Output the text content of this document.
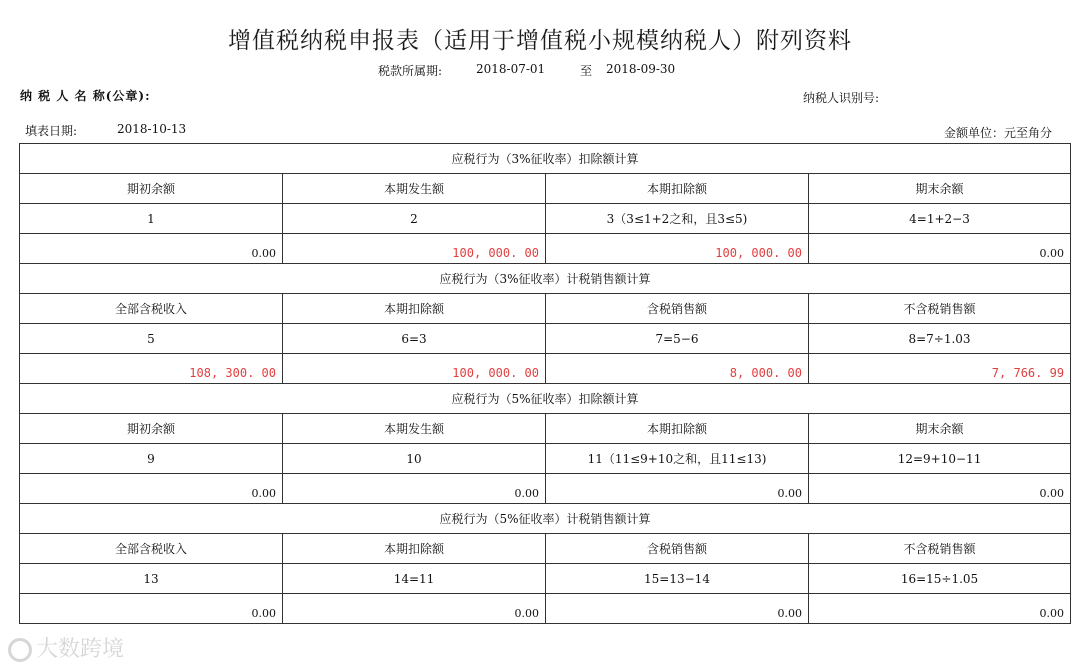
增值税纳税申报表（适用于增值税小规模纳税人）附列资料
税款所属期:	2018-07-01	至 2018-09-30
纳 税 人 名 称(公章):	纳税人识别号:
填表日期:	2018-10-13	金额单位：元至角分
应税行为（3%征收率）扣除额计算			
期初余额	本期发生额	本期扣除额	期末余额
1	2	3（3≤1+2之和，且3≤5)	4=1+2−3
0.00	100, 000. 00	100, 000. 00	0.00
应税行为（3%征收率）计税销售额计算			
全部含税收入	本期扣除额	含税销售额	不含税销售额
5	6=3	7=5−6	8=7÷1.03
108, 300. 00	100, 000. 00	8, 000. 00	7, 766. 99
应税行为（5%征收率）扣除额计算			
期初余额	本期发生额	本期扣除额	期末余额
9	10	11（11≤9+10之和，且11≤13)	12=9+10−11
0.00	0.00	0.00	0.00
应税行为（5%征收率）计税销售额计算			
全部含税收入	本期扣除额	含税销售额	不含税销售额
13	14=11	15=13−14	16=15÷1.05
0.00	0.00	0.00	0.00
大数跨境
